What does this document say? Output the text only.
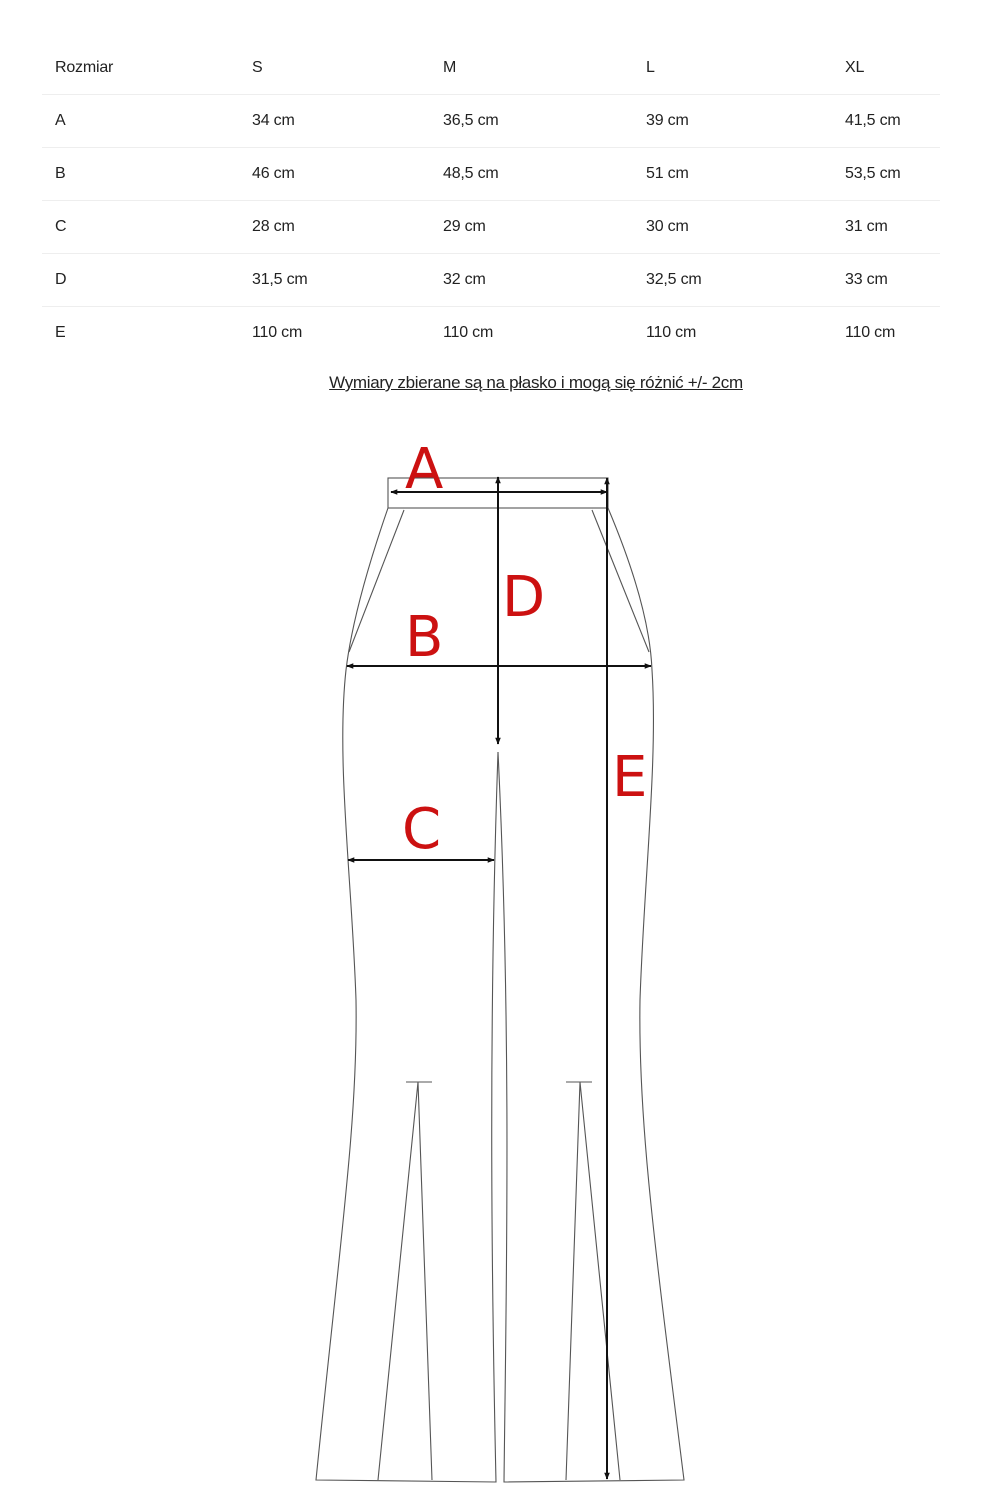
Rozmiar	S	M	L	XL
A	34 cm	36,5 cm	39 cm	41,5 cm
B	46 cm	48,5 cm	51 cm	53,5 cm
C	28 cm	29 cm	30 cm	31 cm
D	31,5 cm	32 cm	32,5 cm	33 cm
E	110 cm	110 cm	110 cm	110 cm
Wymiary zbierane są na płasko i mogą się różnić +/- 2cm
A
B
C
D
E
